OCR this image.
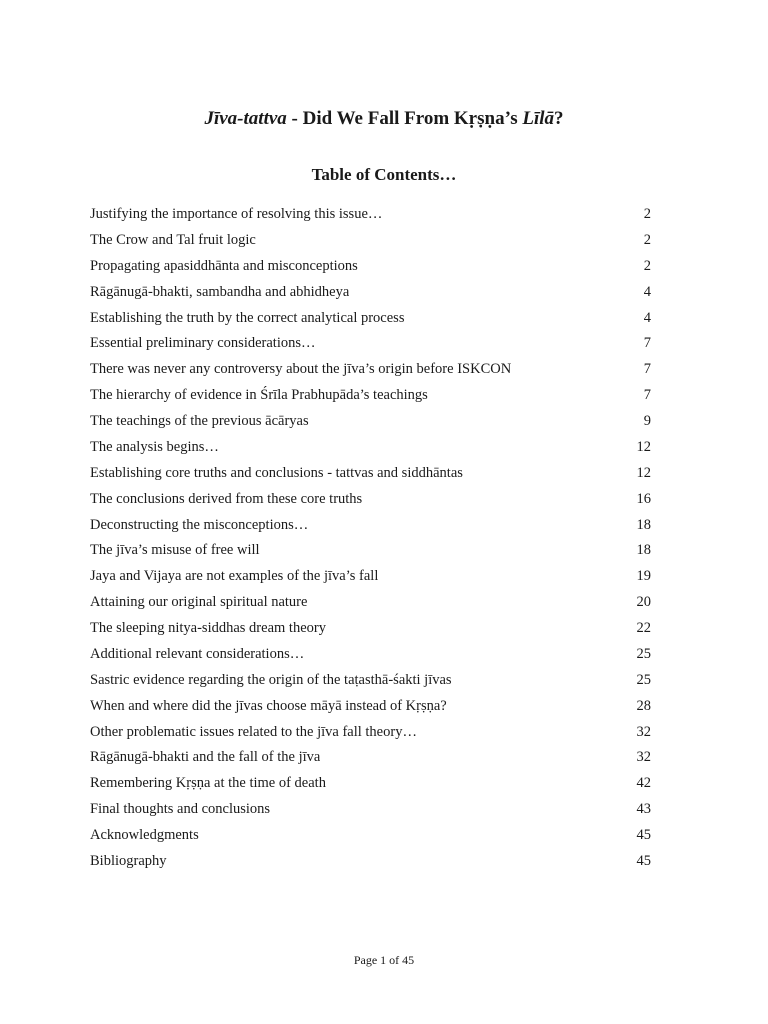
Jīva-tattva - Did We Fall From Kṛṣṇa’s Līlā?
Table of Contents…
Justifying the importance of resolving this issue…	2
The Crow and Tal fruit logic	2
Propagating apasiddhānta and misconceptions	2
Rāgānugā-bhakti, sambandha and abhidheya	4
Establishing the truth by the correct analytical process	4
Essential preliminary considerations…	7
There was never any controversy about the jīva’s origin before ISKCON	7
The hierarchy of evidence in Śrīla Prabhupāda’s teachings	7
The teachings of the previous ācāryas	9
The analysis begins…	12
Establishing core truths and conclusions - tattvas and siddhāntas	12
The conclusions derived from these core truths	16
Deconstructing the misconceptions…	18
The jīva’s misuse of free will	18
Jaya and Vijaya are not examples of the jīva’s fall	19
Attaining our original spiritual nature	20
The sleeping nitya-siddhas dream theory	22
Additional relevant considerations…	25
Sastric evidence regarding the origin of the taṭasthā-śakti jīvas	25
When and where did the jīvas choose māyā instead of Kṛṣṇa?	28
Other problematic issues related to the jīva fall theory…	32
Rāgānugā-bhakti and the fall of the jīva	32
Remembering Kṛṣṇa at the time of death	42
Final thoughts and conclusions	43
Acknowledgments	45
Bibliography	45
Page 1 of 45
